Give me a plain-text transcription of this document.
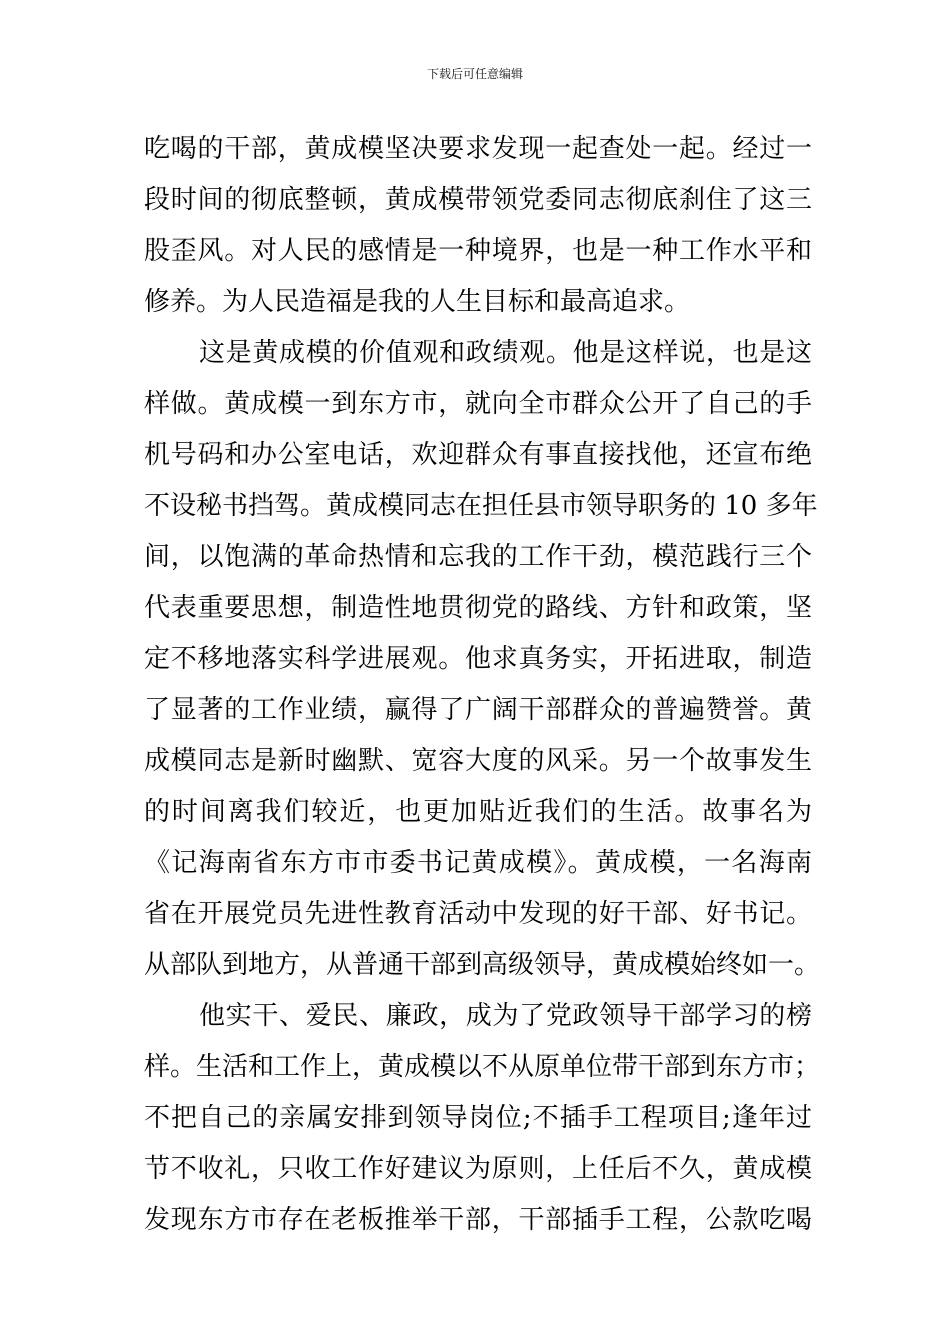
下载后可任意编辑
吃喝的干部，黄成模坚决要求发现一起查处一起。经过一
段时间的彻底整顿，黄成模带领党委同志彻底刹住了这三
股歪风。对人民的感情是一种境界，也是一种工作水平和
修养。为人民造福是我的人生目标和最高追求。
这是黄成模的价值观和政绩观。他是这样说，也是这
样做。黄成模一到东方市，就向全市群众公开了自己的手
机号码和办公室电话，欢迎群众有事直接找他，还宣布绝
不设秘书挡驾。黄成模同志在担任县市领导职务的 10 多年
间，以饱满的革命热情和忘我的工作干劲，模范践行三个
代表重要思想，制造性地贯彻党的路线、方针和政策，坚
定不移地落实科学进展观。他求真务实，开拓进取，制造
了显著的工作业绩，赢得了广阔干部群众的普遍赞誉。黄
成模同志是新时幽默、宽容大度的风采。另一个故事发生
的时间离我们较近，也更加贴近我们的生活。故事名为
《记海南省东方市市委书记黄成模》。黄成模，一名海南
省在开展党员先进性教育活动中发现的好干部、好书记。
从部队到地方，从普通干部到高级领导，黄成模始终如一。
他实干、爱民、廉政，成为了党政领导干部学习的榜
样。生活和工作上，黄成模以不从原单位带干部到东方市；
不把自己的亲属安排到领导岗位;不插手工程项目;逢年过
节不收礼，只收工作好建议为原则，上任后不久，黄成模
发现东方市存在老板推举干部，干部插手工程，公款吃喝
